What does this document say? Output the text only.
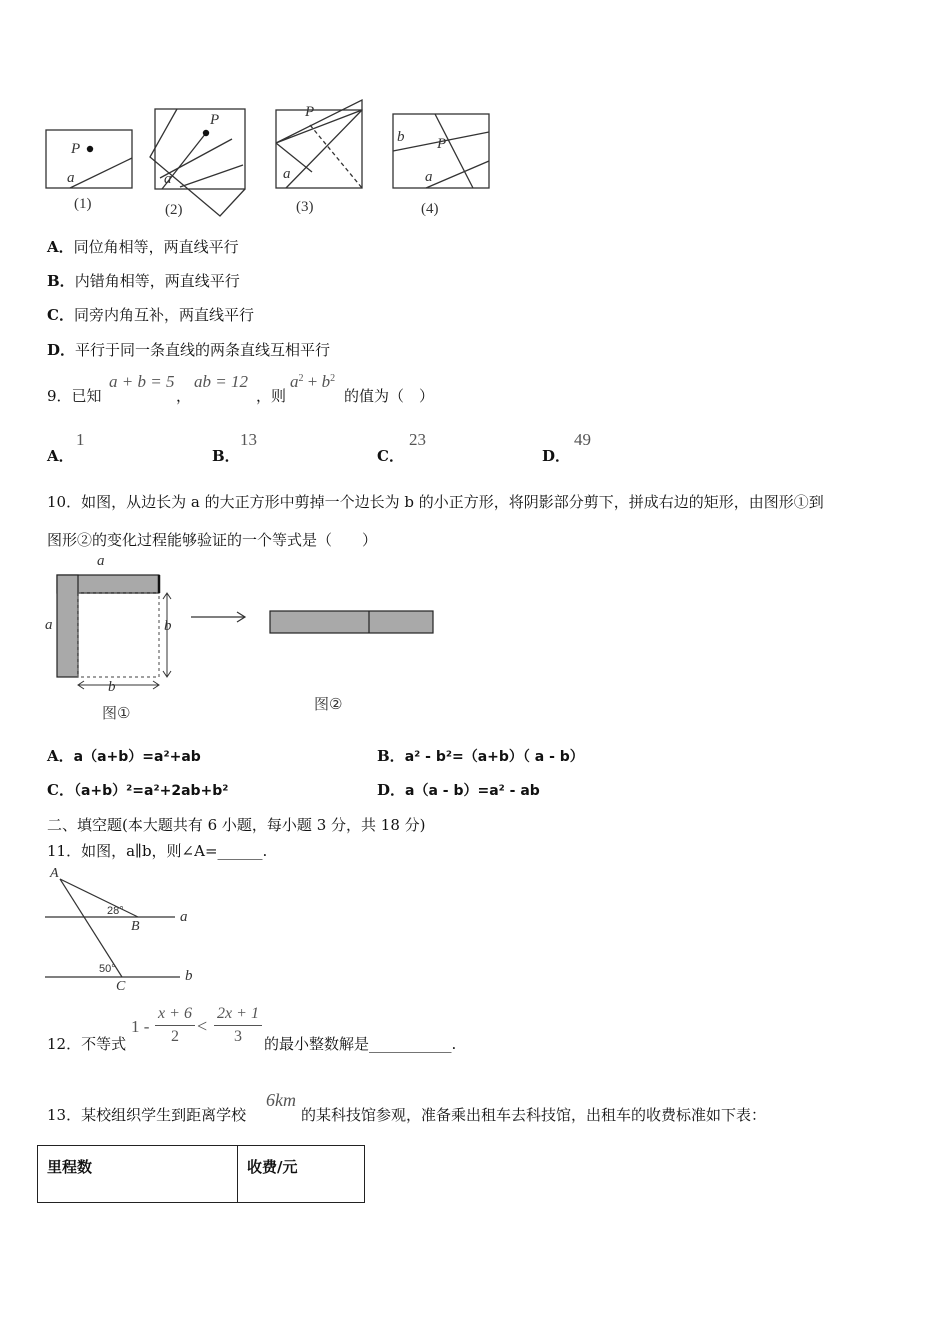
P
a
(1)
P
a
(2)
P
a
(3)
b P
a
(4)
A．同位角相等，两直线平行
B．内错角相等，两直线平行
C．同旁内角互补，两直线平行
D．平行于同一条直线的两条直线互相平行
9．已知
a + b = 5
，
ab = 12
，则
$a^2 + b^2$
的值为（　）
A．
1
B．
13
C．
23
D．
49
10．如图，从边长为 a 的大正方形中剪掉一个边长为 b 的小正方形，将阴影部分剪下，拼成右边的矩形，由图形①到
图形②的变化过程能够验证的一个等式是（　　）
a
a	b
b
图①	图②
A．a（a+b）=a²+ab	B．a² - b²=（a+b）（ a - b）
C．（a+b）²=a²+2ab+b²	D．a（a - b）=a² - ab
二、填空题(本大题共有 6 小题，每小题 3 分，共 18 分)
11．如图，a∥b，则∠A=______.
A
28°
B
a
50°	b
C
12．不等式
1 -
x + 6
2
<
2x + 1
3	的最小整数解是___________.
13．某校组织学生到距离学校
6km
的某科技馆参观，准备乘出租车去科技馆，出租车的收费标准如下表：
里程数	收费/元
